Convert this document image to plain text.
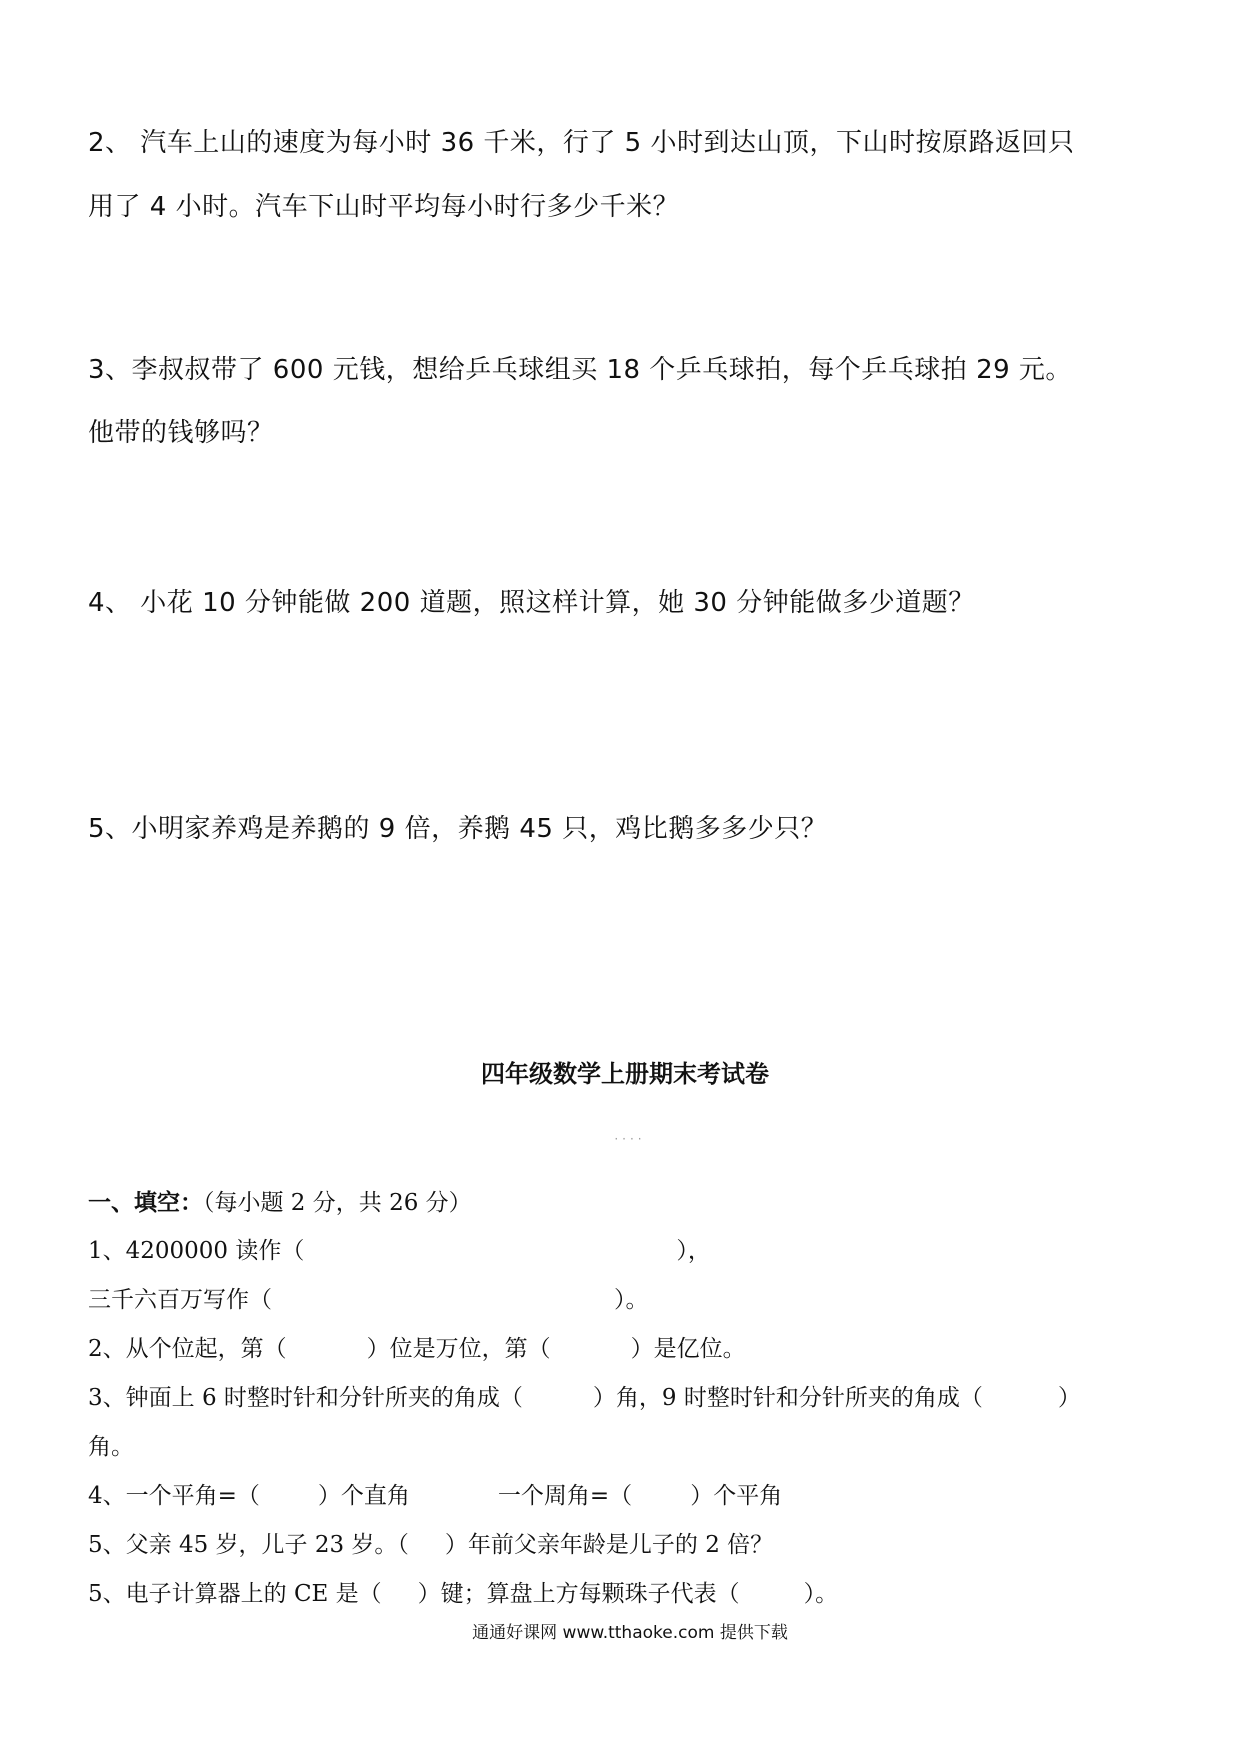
2、 汽车上山的速度为每小时 36 千米，行了 5 小时到达山顶，下山时按原路返回只
用了 4 小时。汽车下山时平均每小时行多少千米？
3、李叔叔带了 600 元钱，想给乒乓球组买 18 个乒乓球拍，每个乒乓球拍 29 元。
他带的钱够吗？
4、 小花 10 分钟能做 200 道题，照这样计算，她 30 分钟能做多少道题？
5、小明家养鸡是养鹅的 9 倍，养鹅 45 只，鸡比鹅多多少只？
四年级数学上册期末考试卷
····
一、填空：（每小题 2 分，共 26 分）
1、4200000 读作（	），
三千六百万写作（	）。
2、从个位起，第（	）位是万位，第（	）是亿位。
3、钟面上 6 时整时针和分针所夹的角成（	）角，9 时整时针和分针所夹的角成（	）
角。
4、一个平角=（	）个直角	一个周角=（	）个平角
5、父亲 45 岁，儿子 23 岁。（ ）年前父亲年龄是儿子的 2 倍？
5、电子计算器上的 CE 是（ ）键；算盘上方每颗珠子代表（	）。
通通好课网 www.tthaoke.com 提供下载
